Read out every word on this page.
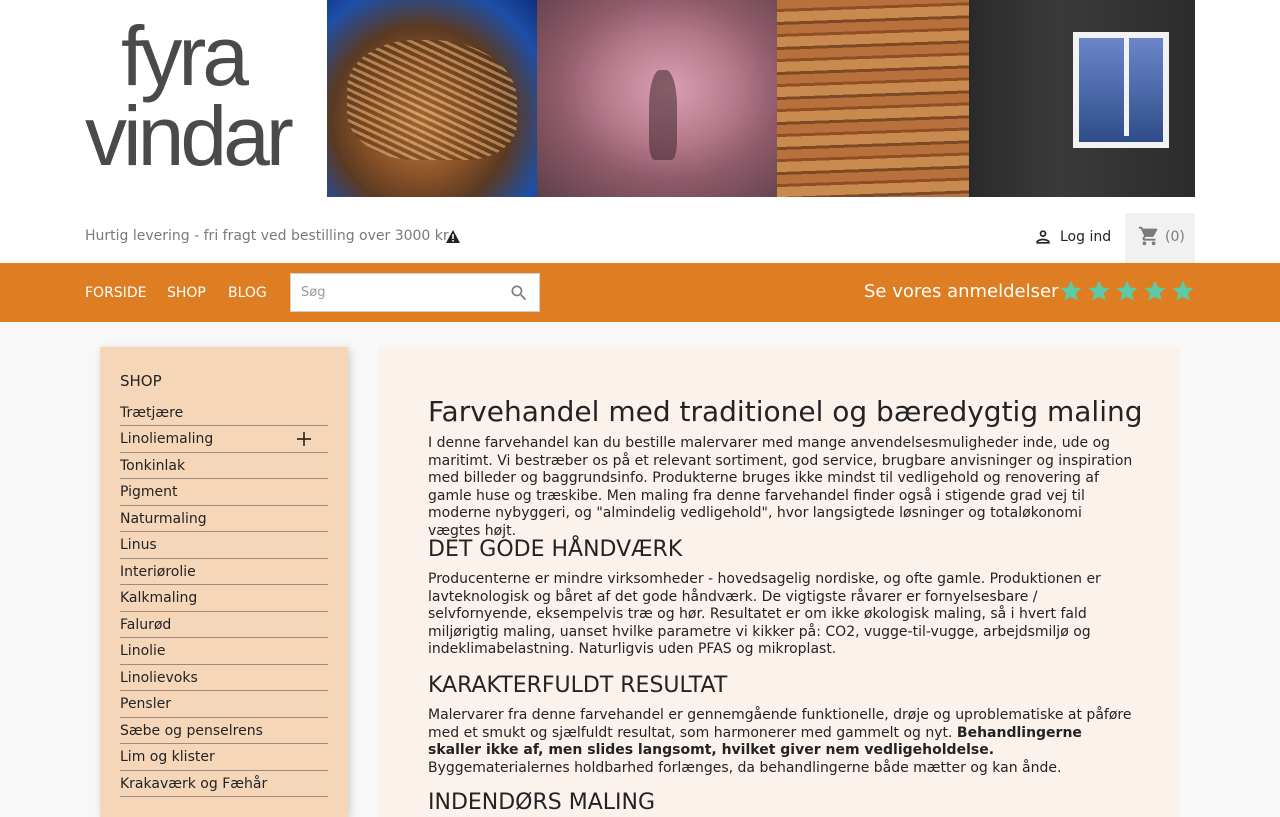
fyra
vindar
Hurtig levering - fri fragt ved bestilling over 3000 kr	Log ind	(0)
FORSIDE SHOP BLOG
Søg	Se vores anmeldelser
SHOP
Trætjære
Linoliemaling
Tonkinlak
Pigment
Naturmaling
Linus
Interiørolie
Kalkmaling
Falurød
Linolie
Linolievoks
Pensler
Sæbe og penselrens
Lim og klister
Krakaværk og Fæhår
Farvehandel med traditionel og bæredygtig maling

I denne farvehandel kan du bestille malervarer med mange anvendelsesmuligheder inde, ude og maritimt. Vi bestræber os på et relevant sortiment, god service, brugbare anvisninger og inspiration med billeder og baggrundsinfo. Produkterne bruges ikke mindst til vedligehold og renovering af gamle huse og træskibe. Men maling fra denne farvehandel finder også i stigende grad vej til moderne nybyggeri, og "almindelig vedligehold", hvor langsigtede løsninger og totaløkonomi vægtes højt.

DET GODE HÅNDVÆRK

Producenterne er mindre virksomheder - hovedsagelig nordiske, og ofte gamle. Produktionen er lavteknologisk og båret af det gode håndværk. De vigtigste råvarer er fornyelsesbare / selvfornyende, eksempelvis træ og hør. Resultatet er om ikke økologisk maling, så i hvert fald miljørigtig maling, uanset hvilke parametre vi kikker på: CO2, vugge-til-vugge, arbejdsmiljø og indeklimabelastning. Naturligvis uden PFAS og mikroplast.

KARAKTERFULDT RESULTAT

Malervarer fra denne farvehandel er gennemgående funktionelle, drøje og uproblematiske at påføre med et smukt og sjælfuldt resultat, som harmonerer med gammelt og nyt. Behandlingerne skaller ikke af, men slides langsomt, hvilket giver nem vedligeholdelse. Byggematerialernes holdbarhed forlænges, da behandlingerne både mætter og kan ånde.

INDENDØRS MALING
